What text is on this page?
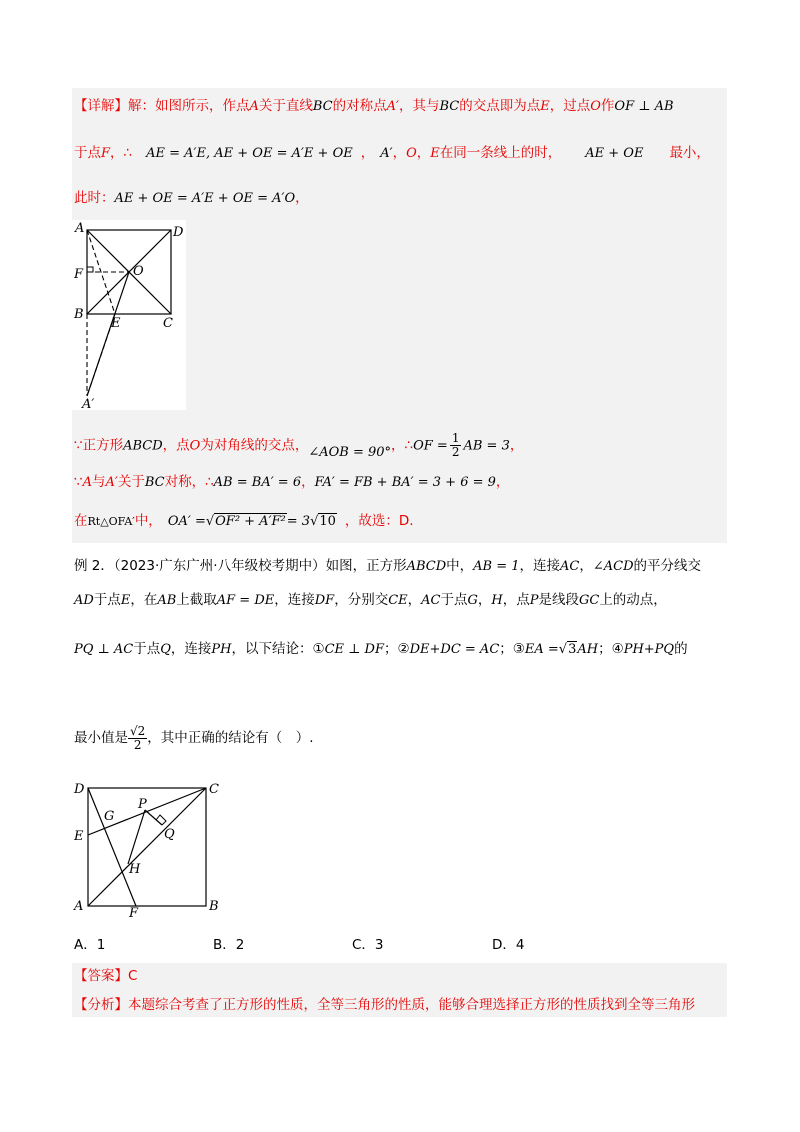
【详解】解：如图所示，作点A关于直线BC的对称点A′，其与BC的交点即为点E，过点O作OF ⊥ AB
于点F，∴ AE = A′E, AE + OE = A′E + OE ， A′，O，E在同一条线上的时， AE + OE 最小，
此时：AE + OE = A′E + OE = A′O，
A	D
F	O
B
E	C
A′
∵正方形ABCD，点O为对角线的交点，∠AOB = 90°，∴OF = $\frac{1}{2}$ AB = 3，
∵A与A′关于BC对称，∴AB = BA′ = 6，FA′ = FB + BA′ = 3 + 6 = 9，
在Rt△OFA′中， OA′ =√OF² + A′F²= 3√10 ，故选：D.
例 2．（2023·广东广州·八年级校考期中）如图，正方形ABCD中，AB = 1，连接AC，∠ACD的平分线交
AD于点E，在AB上截取AF = DE，连接DF，分别交CE，AC于点G，H，点P是线段GC上的动点，
PQ ⊥ AC于点Q，连接PH，以下结论：①CE ⊥ DF；②DE+DC = AC；③EA =√3AH；④PH+PQ的
最小值是 $\frac{√2}{2}$ ，其中正确的结论有（　）.
D	C
G
P
Q
E
H
A	F	B
A．1	B．2	C．3	D．4
【答案】C
【分析】本题综合考查了正方形的性质，全等三角形的性质，能够合理选择正方形的性质找到全等三角形
